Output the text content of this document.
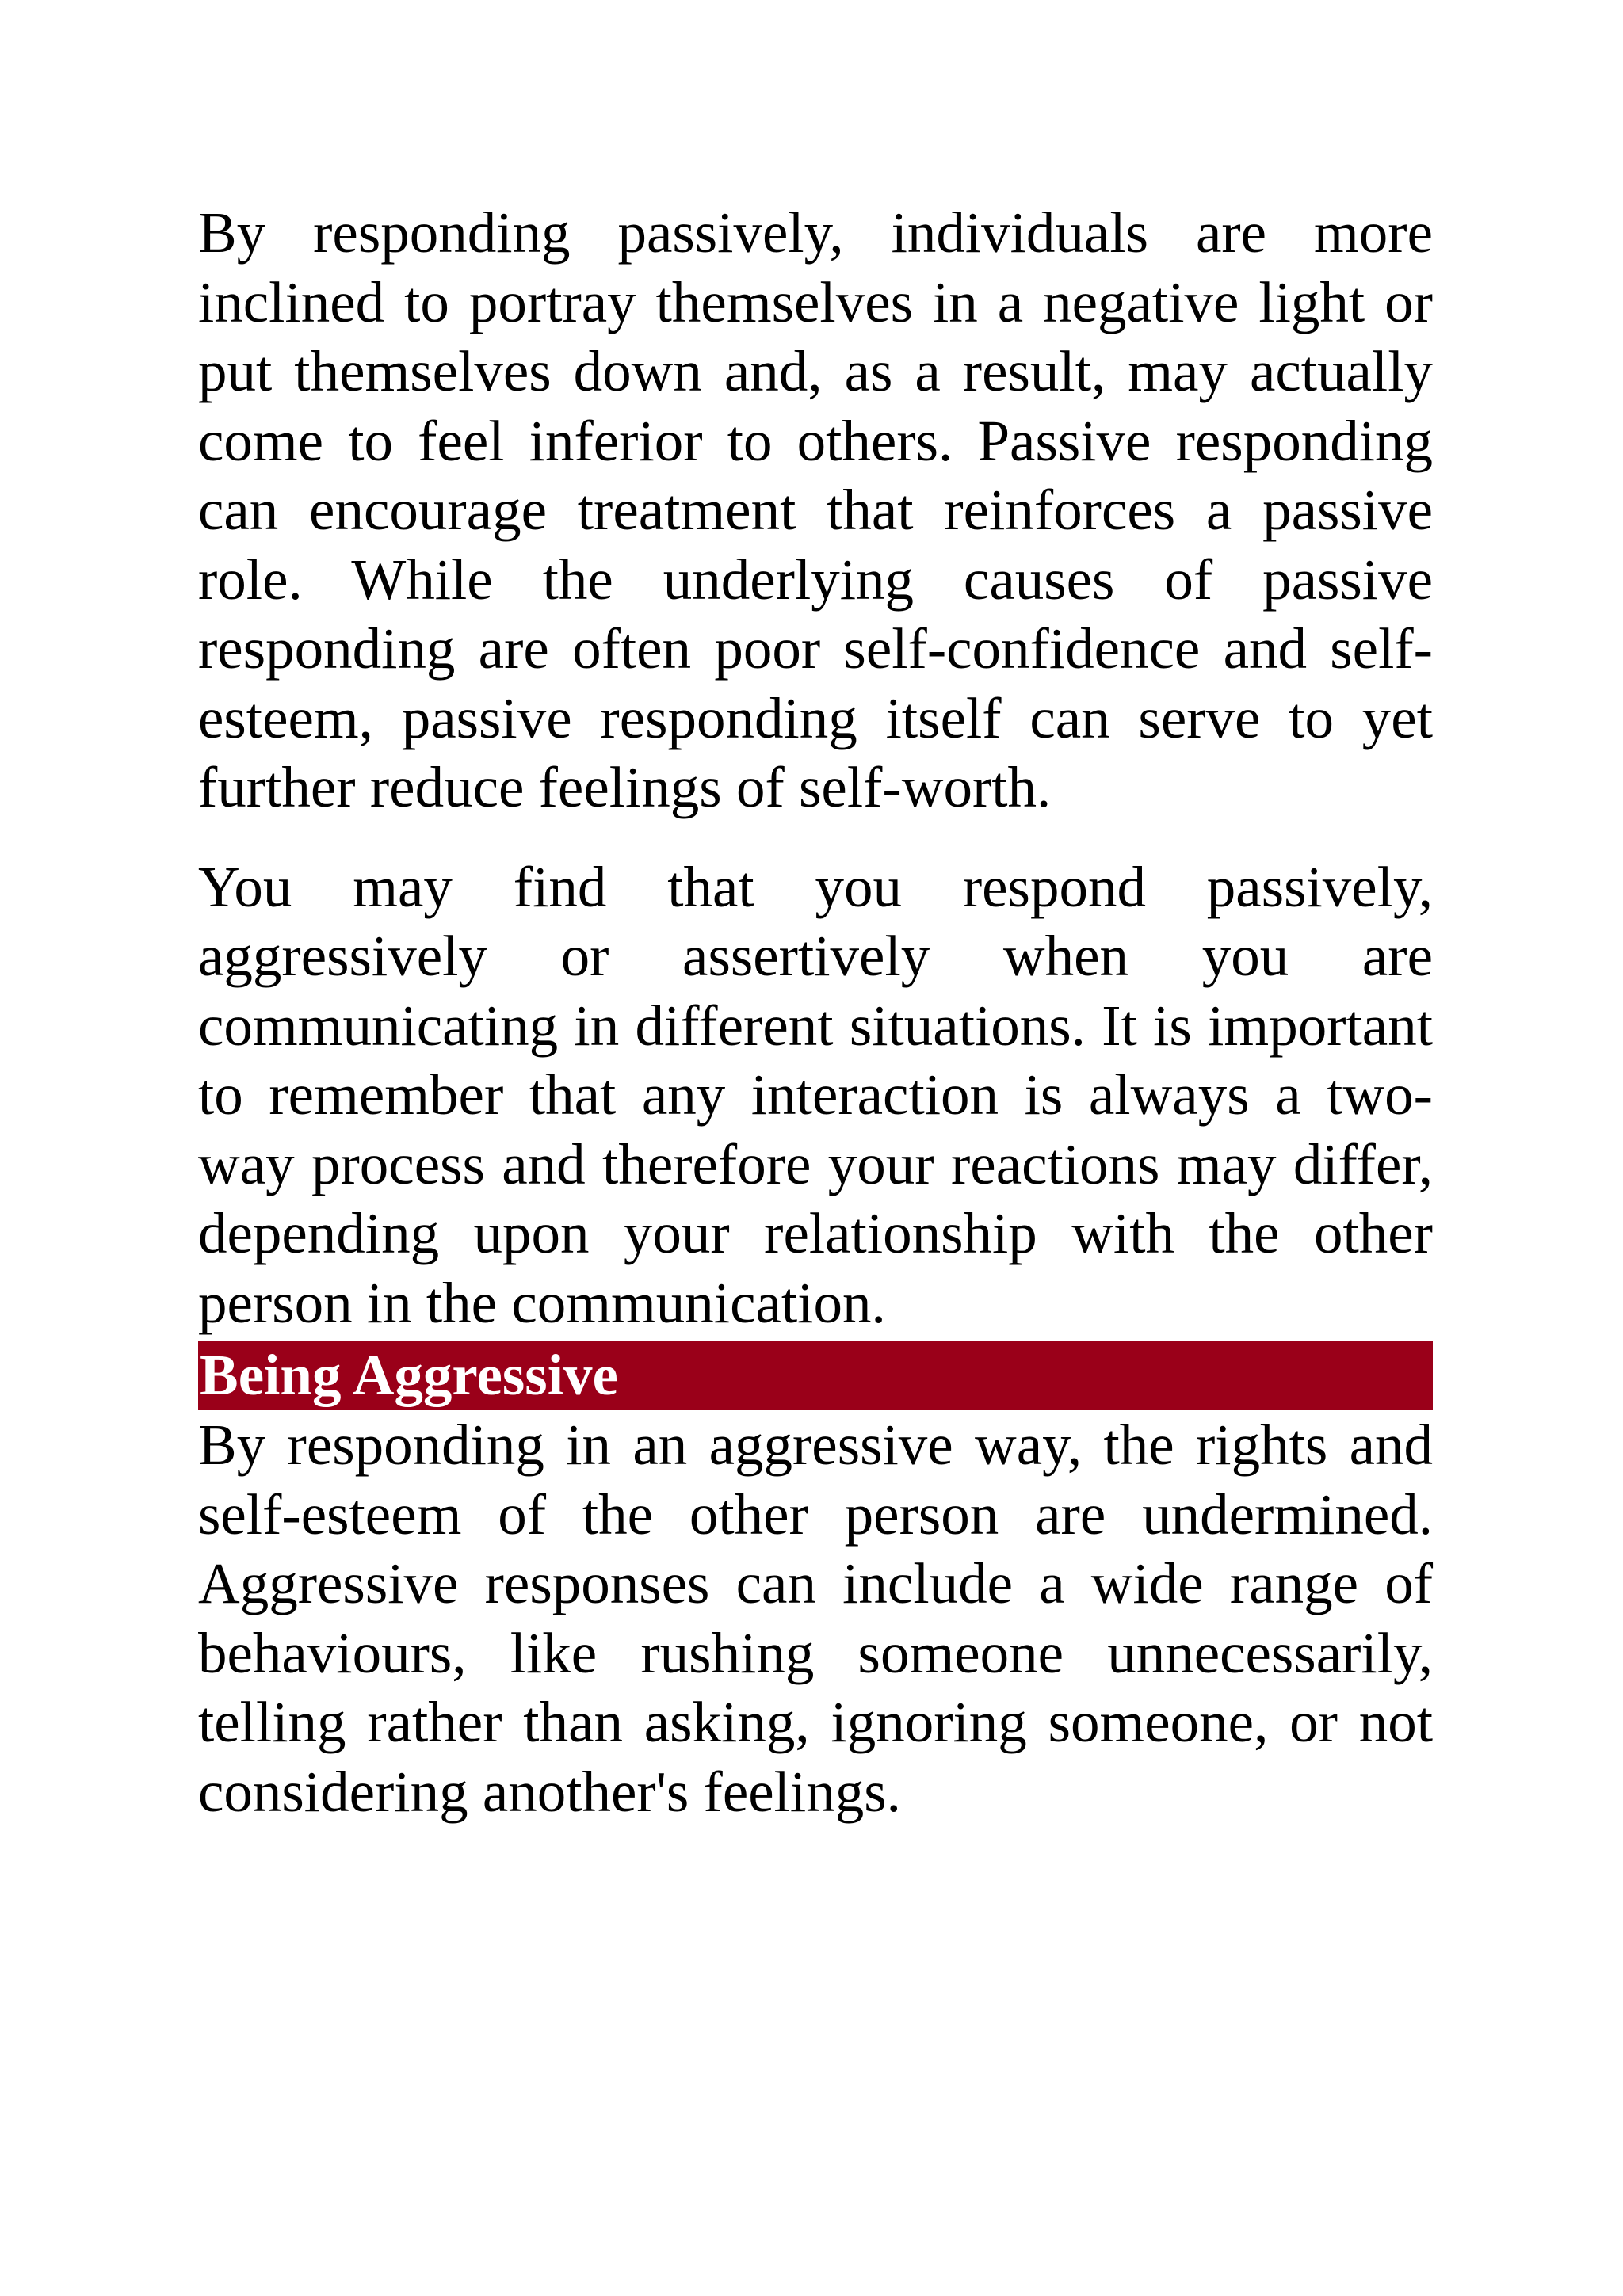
By responding passively, individuals are more inclined to portray themselves in a negative light or put themselves down and, as a result, may actually come to feel inferior to others. Passive responding can encourage treatment that reinforces a passive role. While the underlying causes of passive responding are often poor self-confidence and self-esteem, passive responding itself can serve to yet further reduce feelings of self-worth.

You may find that you respond passively, aggressively or assertively when you are communicating in different situations. It is important to remember that any interaction is always a two-way process and therefore your reactions may differ, depending upon your relationship with the other person in the communication.

Being Aggressive

By responding in an aggressive way, the rights and self-esteem of the other person are undermined. Aggressive responses can include a wide range of behaviours, like rushing someone unnecessarily, telling rather than asking, ignoring someone, or not considering another's feelings.
